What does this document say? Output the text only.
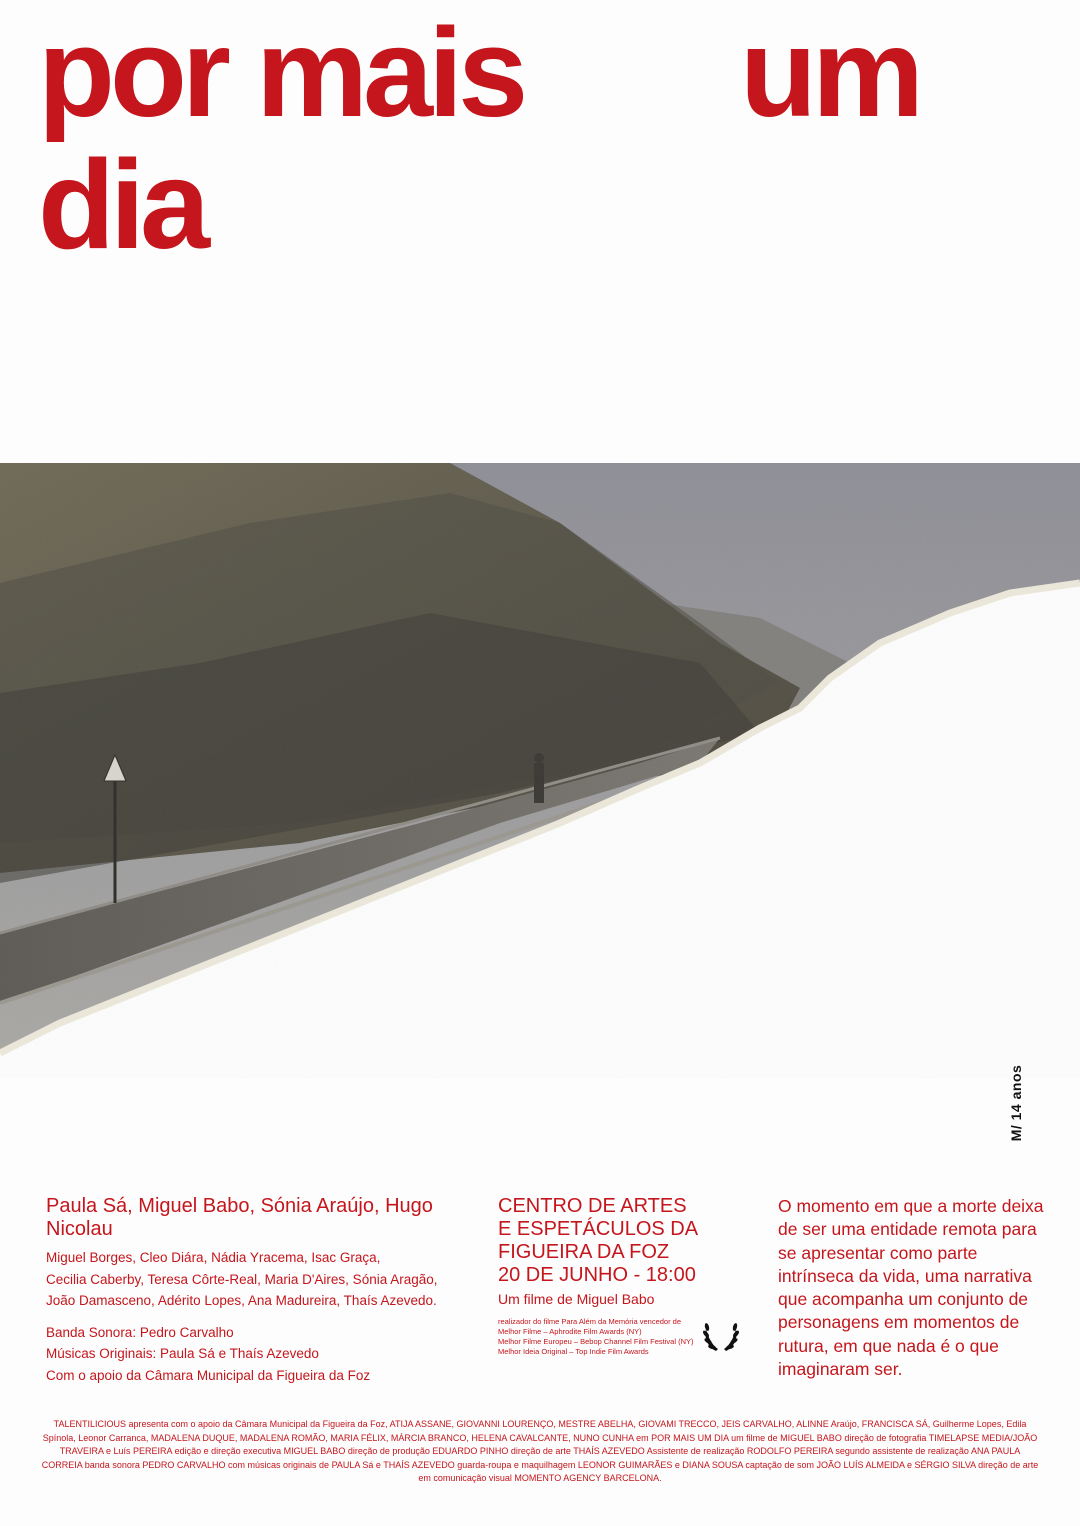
por mais um
dia
M/ 14 anos

Paula Sá, Miguel Babo, Sónia Araújo, Hugo Nicolau

Miguel Borges, Cleo Diára, Nádia Yracema, Isac Graça,
Cecilia Caberby, Teresa Côrte-Real, Maria D'Aires, Sónia Aragão,
João Damasceno, Adérito Lopes, Ana Madureira, Thaís Azevedo.

Banda Sonora: Pedro Carvalho
Músicas Originais: Paula Sá e Thaís Azevedo
Com o apoio da Câmara Municipal da Figueira da Foz

CENTRO DE ARTES
E ESPETÁCULOS DA
FIGUEIRA DA FOZ
20 DE JUNHO - 18:00

Um filme de Miguel Babo

realizador do filme Para Além da Memória vencedor de
Melhor Filme – Aphrodite Film Awards (NY)
Melhor Filme Europeu – Bebop Channel Film Festival (NY)
Melhor Ideia Original – Top Indie Film Awards

O momento em que a morte deixa de ser uma entidade remota para se apresentar como parte intrínseca da vida, uma narrativa que acompanha um conjunto de personagens em momentos de rutura, em que nada é o que imaginaram ser.

TALENTILICIOUS apresenta com o apoio da Câmara Municipal da Figueira da Foz, ATIJA ASSANE, GIOVANNI LOURENÇO, MESTRE ABELHA, GIOVAMI TRECCO, JEIS CARVALHO, ALINNE Araújo, FRANCISCA SÁ, Guilherme Lopes, Edila Spínola, Leonor Carranca, MADALENA DUQUE, MADALENA ROMÃO, MARIA FÉLIX, MÁRCIA BRANCO, HELENA CAVALCANTE, NUNO CUNHA em POR MAIS UM DIA um filme de MIGUEL BABO direção de fotografia TIMELAPSE MEDIA/JOÃO TRAVEIRA e Luís PEREIRA edição e direção executiva MIGUEL BABO direção de produção EDUARDO PINHO direção de arte THAÍS AZEVEDO Assistente de realização RODOLFO PEREIRA segundo assistente de realização ANA PAULA CORREIA banda sonora PEDRO CARVALHO com músicas originais de PAULA Sá e THAÍS AZEVEDO guarda-roupa e maquilhagem LEONOR GUIMARÃES e DIANA SOUSA captação de som JOÃO LUÍS ALMEIDA e SÉRGIO SILVA direção de arte em comunicação visual MOMENTO AGENCY BARCELONA.
